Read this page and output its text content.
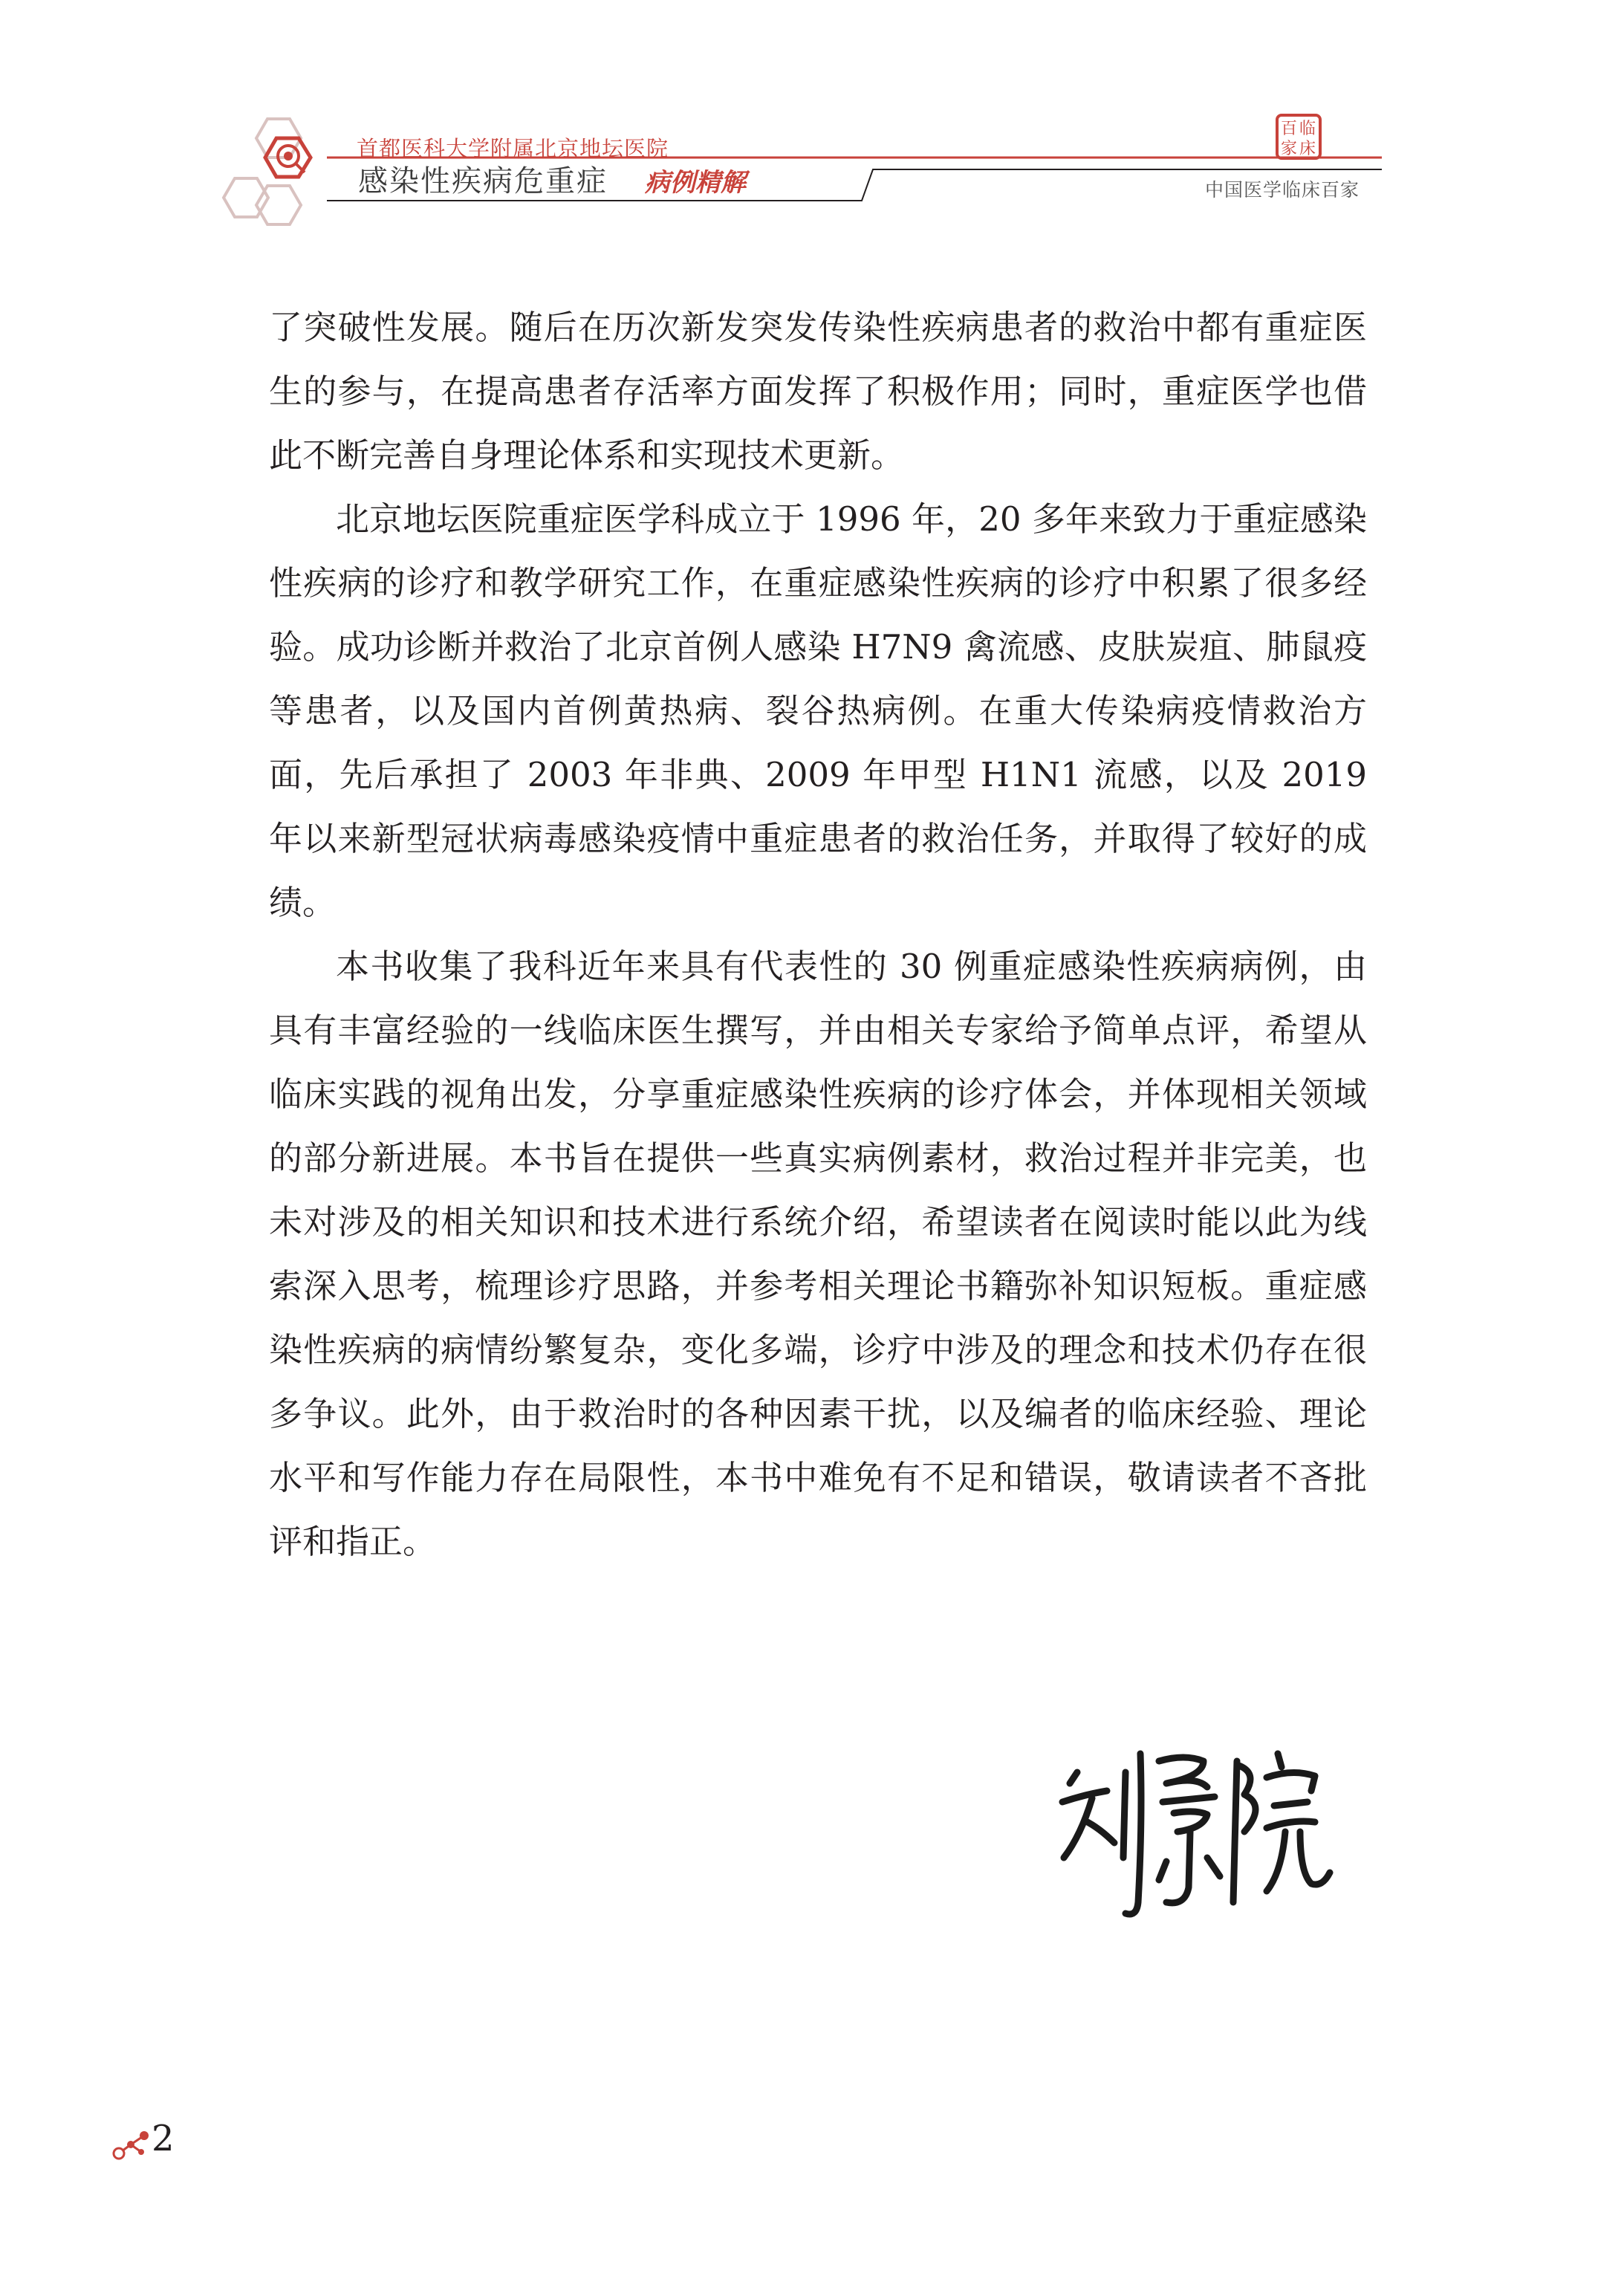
首都医科大学附属北京地坛医院
感染性疾病危重症 病例精解
百 临
家 床
中国医学临床百家

了突破性发展。随后在历次新发突发传染性疾病患者的救治中都有重症医生的参与，在提高患者存活率方面发挥了积极作用；同时，重症医学也借此不断完善自身理论体系和实现技术更新。

北京地坛医院重症医学科成立于 1996 年，20 多年来致力于重症感染性疾病的诊疗和教学研究工作，在重症感染性疾病的诊疗中积累了很多经验。成功诊断并救治了北京首例人感染 H7N9 禽流感、皮肤炭疽、肺鼠疫等患者，以及国内首例黄热病、裂谷热病例。在重大传染病疫情救治方面，先后承担了 2003 年非典、2009 年甲型 H1N1 流感，以及 2019 年以来新型冠状病毒感染疫情中重症患者的救治任务，并取得了较好的成绩。

本书收集了我科近年来具有代表性的 30 例重症感染性疾病病例，由具有丰富经验的一线临床医生撰写，并由相关专家给予简单点评，希望从临床实践的视角出发，分享重症感染性疾病的诊疗体会，并体现相关领域的部分新进展。本书旨在提供一些真实病例素材，救治过程并非完美，也未对涉及的相关知识和技术进行系统介绍，希望读者在阅读时能以此为线索深入思考，梳理诊疗思路，并参考相关理论书籍弥补知识短板。重症感染性疾病的病情纷繁复杂，变化多端，诊疗中涉及的理念和技术仍存在很多争议。此外，由于救治时的各种因素干扰，以及编者的临床经验、理论水平和写作能力存在局限性，本书中难免有不足和错误，敬请读者不吝批评和指正。

2
